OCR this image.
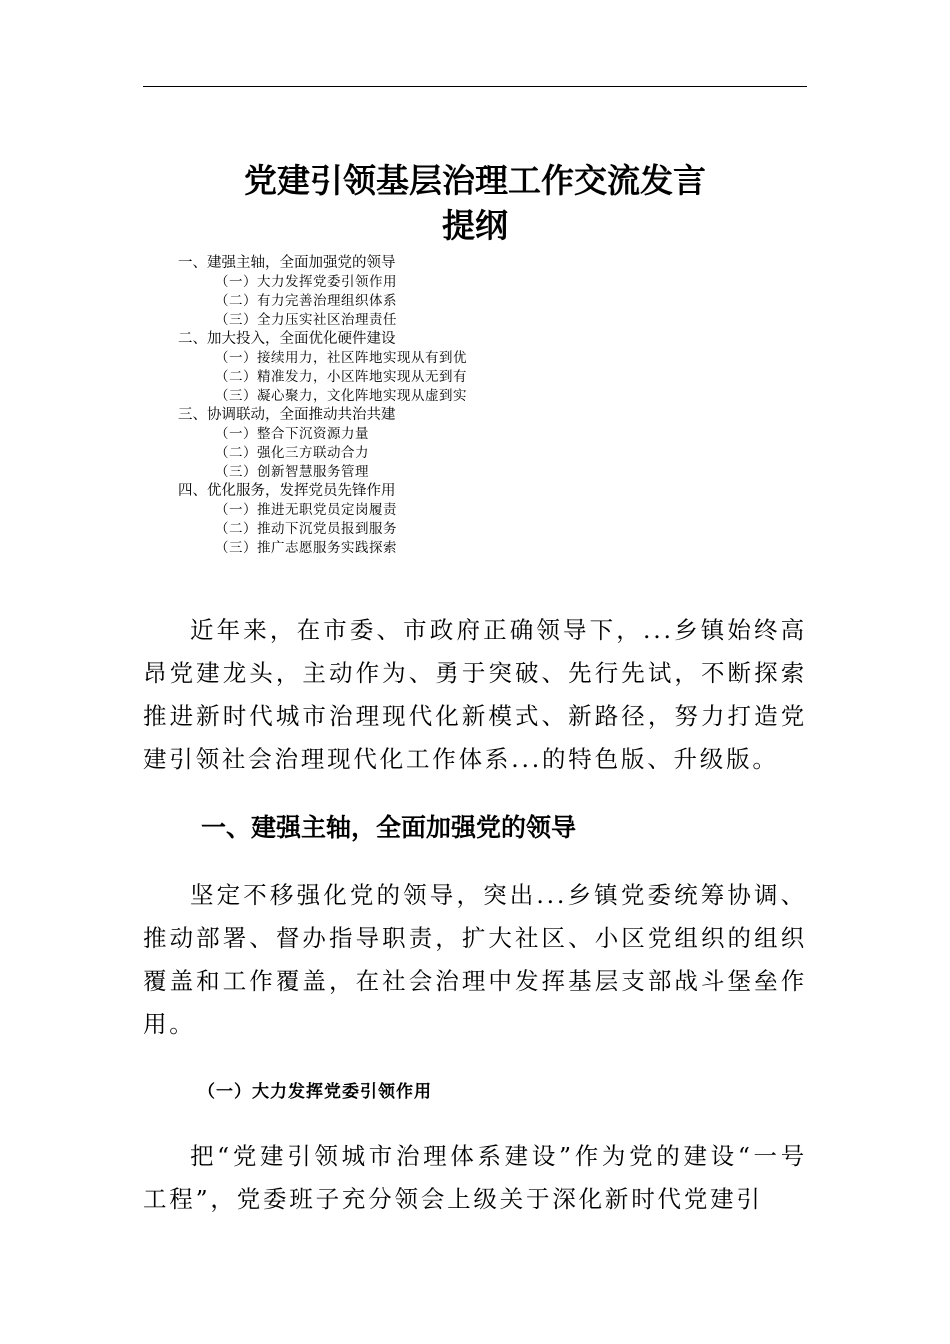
党建引领基层治理工作交流发言
提纲
一、建强主轴，全面加强党的领导
（一）大力发挥党委引领作用
（二）有力完善治理组织体系
（三）全力压实社区治理责任
二、加大投入，全面优化硬件建设
（一）接续用力，社区阵地实现从有到优
（二）精准发力，小区阵地实现从无到有
（三）凝心聚力，文化阵地实现从虚到实
三、协调联动，全面推动共治共建
（一）整合下沉资源力量
（二）强化三方联动合力
（三）创新智慧服务管理
四、优化服务，发挥党员先锋作用
（一）推进无职党员定岗履责
（二）推动下沉党员报到服务
（三）推广志愿服务实践探索

近年来，在市委、市政府正确领导下，...乡镇始终高昂党建龙头，主动作为、勇于突破、先行先试，不断探索推进新时代城市治理现代化新模式、新路径，努力打造党建引领社会治理现代化工作体系...的特色版、升级版。

一、建强主轴，全面加强党的领导

坚定不移强化党的领导，突出...乡镇党委统筹协调、推动部署、督办指导职责，扩大社区、小区党组织的组织覆盖和工作覆盖，在社会治理中发挥基层支部战斗堡垒作用。

（一）大力发挥党委引领作用

把“党建引领城市治理体系建设”作为党的建设“一号工程”，党委班子充分领会上级关于深化新时代党建引
